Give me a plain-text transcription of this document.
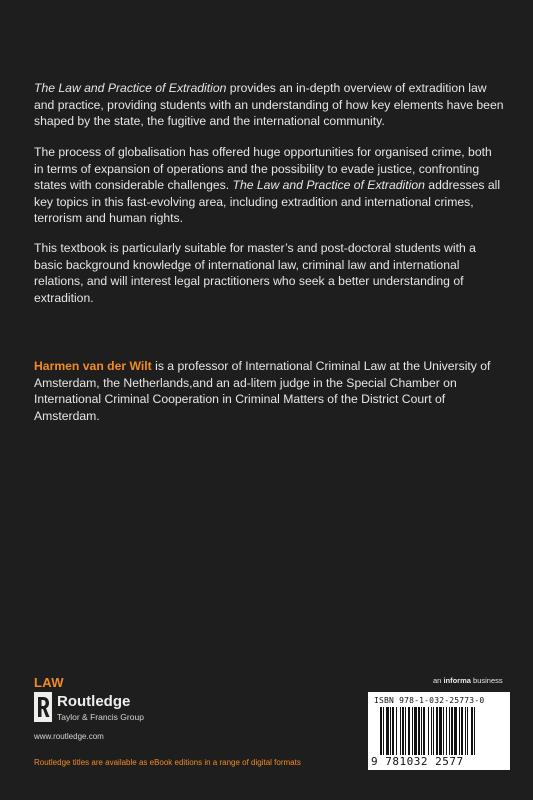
The Law and Practice of Extradition provides an in-depth overview of extradition law and practice, providing students with an understanding of how key elements have been shaped by the state, the fugitive and the international community.

The process of globalisation has offered huge opportunities for organised crime, both in terms of expansion of operations and the possibility to evade justice, confronting states with considerable challenges. The Law and Practice of Extradition addresses all key topics in this fast-evolving area, including extradition and international crimes, terrorism and human rights.

This textbook is particularly suitable for master’s and post-doctoral students with a basic background knowledge of international law, criminal law and international relations, and will interest legal practitioners who seek a better understanding of extradition.

Harmen van der Wilt is a professor of International Criminal Law at the University of Amsterdam, the Netherlands,and an ad-litem judge in the Special Chamber on International Criminal Cooperation in Criminal Matters of the District Court of Amsterdam.

LAW
Routledge
Taylor & Francis Group
www.routledge.com
Routledge titles are available as eBook editions in a range of digital formats
an informa business
ISBN 978-1-032-25773-0
9 781032 2577
